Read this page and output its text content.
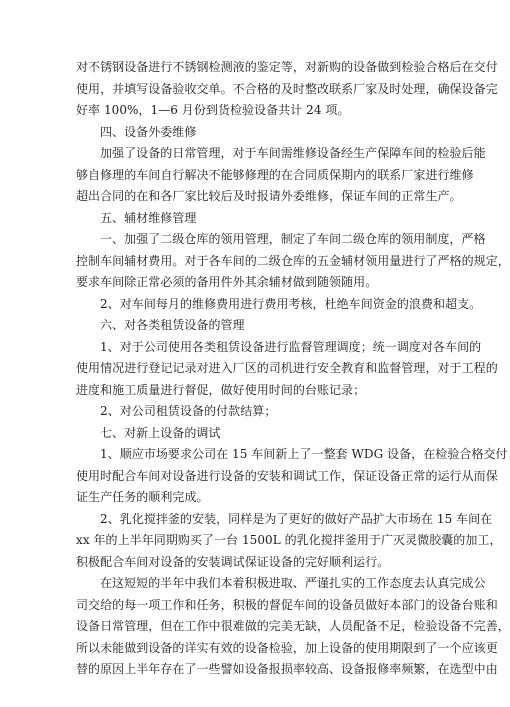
对不锈钢设备进行不锈钢检测液的鉴定等，对新购的设备做到检验合格后在交付
使用，并填写设备验收交单。不合格的及时整改联系厂家及时处理，确保设备完
好率 100%，1—6 月份到货检验设备共计 24 项。
四、设备外委维修
加强了设备的日常管理，对于车间需维修设备经生产保障车间的检验后能
够自修理的车间自行解决不能够修理的在合同质保期内的联系厂家进行维修
超出合同的在和各厂家比较后及时报请外委维修，保证车间的正常生产。
五、辅材维修管理
一、加强了二级仓库的领用管理，制定了车间二级仓库的领用制度，严格
控制车间辅材费用。对于各车间的二级仓库的五金辅材领用量进行了严格的规定，
要求车间除正常必须的备用件外其余辅材做到随领随用。
2、对车间每月的维修费用进行费用考核，杜绝车间资金的浪费和超支。
六、对各类租赁设备的管理
1、对于公司使用各类租赁设备进行监督管理调度；统一调度对各车间的
使用情况进行登记记录对进入厂区的司机进行安全教育和监督管理，对于工程的
进度和施工质量进行督促，做好使用时间的台账记录；
2、对公司租赁设备的付款结算；
七、对新上设备的调试
1、顺应市场要求公司在 15 车间新上了一整套 WDG 设备，在检验合格交付
使用时配合车间对设备进行设备的安装和调试工作，保证设备正常的运行从而保
证生产任务的顺利完成。
2、乳化搅拌釜的安装，同样是为了更好的做好产品扩大市场在 15 车间在
xx 年的上半年同期购买了一台 1500L 的乳化搅拌釜用于广灭灵微胶囊的加工，
积极配合车间对设备的安装调试保证设备的完好顺利运行。
在这短短的半年中我们本着积极进取、严谨扎实的工作态度去认真完成公
司交给的每一项工作和任务，积极的督促车间的设备员做好本部门的设备台账和
设备日常管理，但在工作中很难做的完美无缺，人员配备不足，检验设备不完善，
所以未能做到设备的详实有效的设备检验，加上设备的使用期限到了一个应该更
替的原因上半年存在了一些譬如设备报损率较高、设备报修率频繁，在选型中由
